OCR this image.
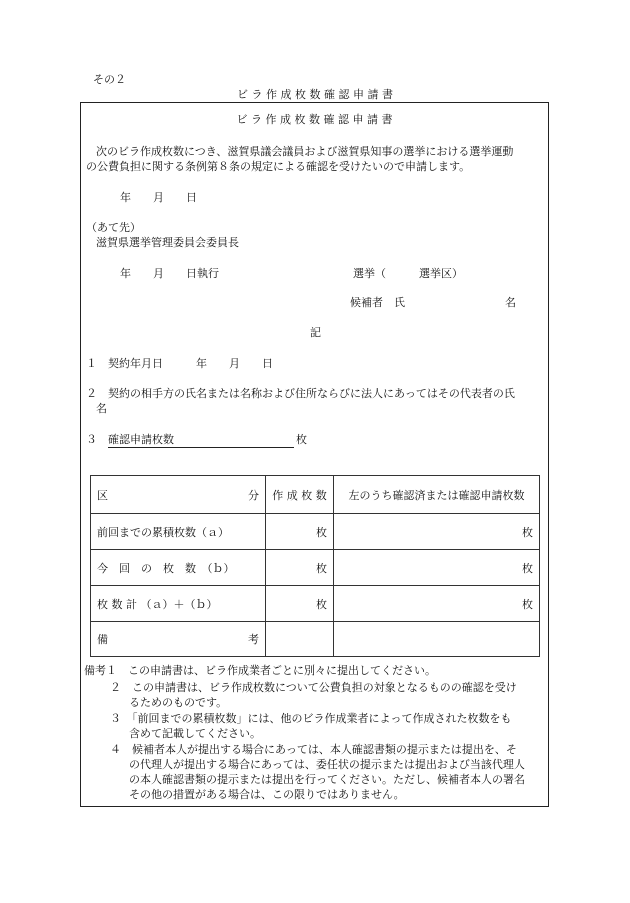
その２
ビ ラ 作 成 枚 数 確 認 申 請 書
ビ ラ 作 成 枚 数 確 認 申 請 書
次のビラ作成枚数につき、滋賀県議会議員および滋賀県知事の選挙における選挙運動
の公費負担に関する条例第８条の規定による確認を受けたいので申請します。
年　　月　　日
（あて先）
滋賀県選挙管理委員会委員長
年　　月　　日執行	選挙（　　　選挙区）
候補者　氏	名
記
１　契約年月日　　　年　　月　　日
２　契約の相手方の氏名または名称および住所ならびに法人にあってはその代表者の氏
名
３ 確認申請枚数	枚
区 分	作 成 枚 数	左のうち確認済または確認申請枚数
前回までの累積枚数（ａ）	枚	枚
今　回　の　枚　数　（ｂ）	枚	枚
枚 数 計 （ａ）＋（ｂ）	枚	枚

備 考		

備考１　この申請書は、ビラ作成業者ごとに別々に提出してください。
２　この申請書は、ビラ作成枚数について公費負担の対象となるものの確認を受け
るためのものです。
３　「前回までの累積枚数」には、他のビラ作成業者によって作成された枚数をも
含めて記載してください。
４　候補者本人が提出する場合にあっては、本人確認書類の提示または提出を、そ
の代理人が提出する場合にあっては、委任状の提示または提出および当該代理人
の本人確認書類の提示または提出を行ってください。ただし、候補者本人の署名
その他の措置がある場合は、この限りではありません。
